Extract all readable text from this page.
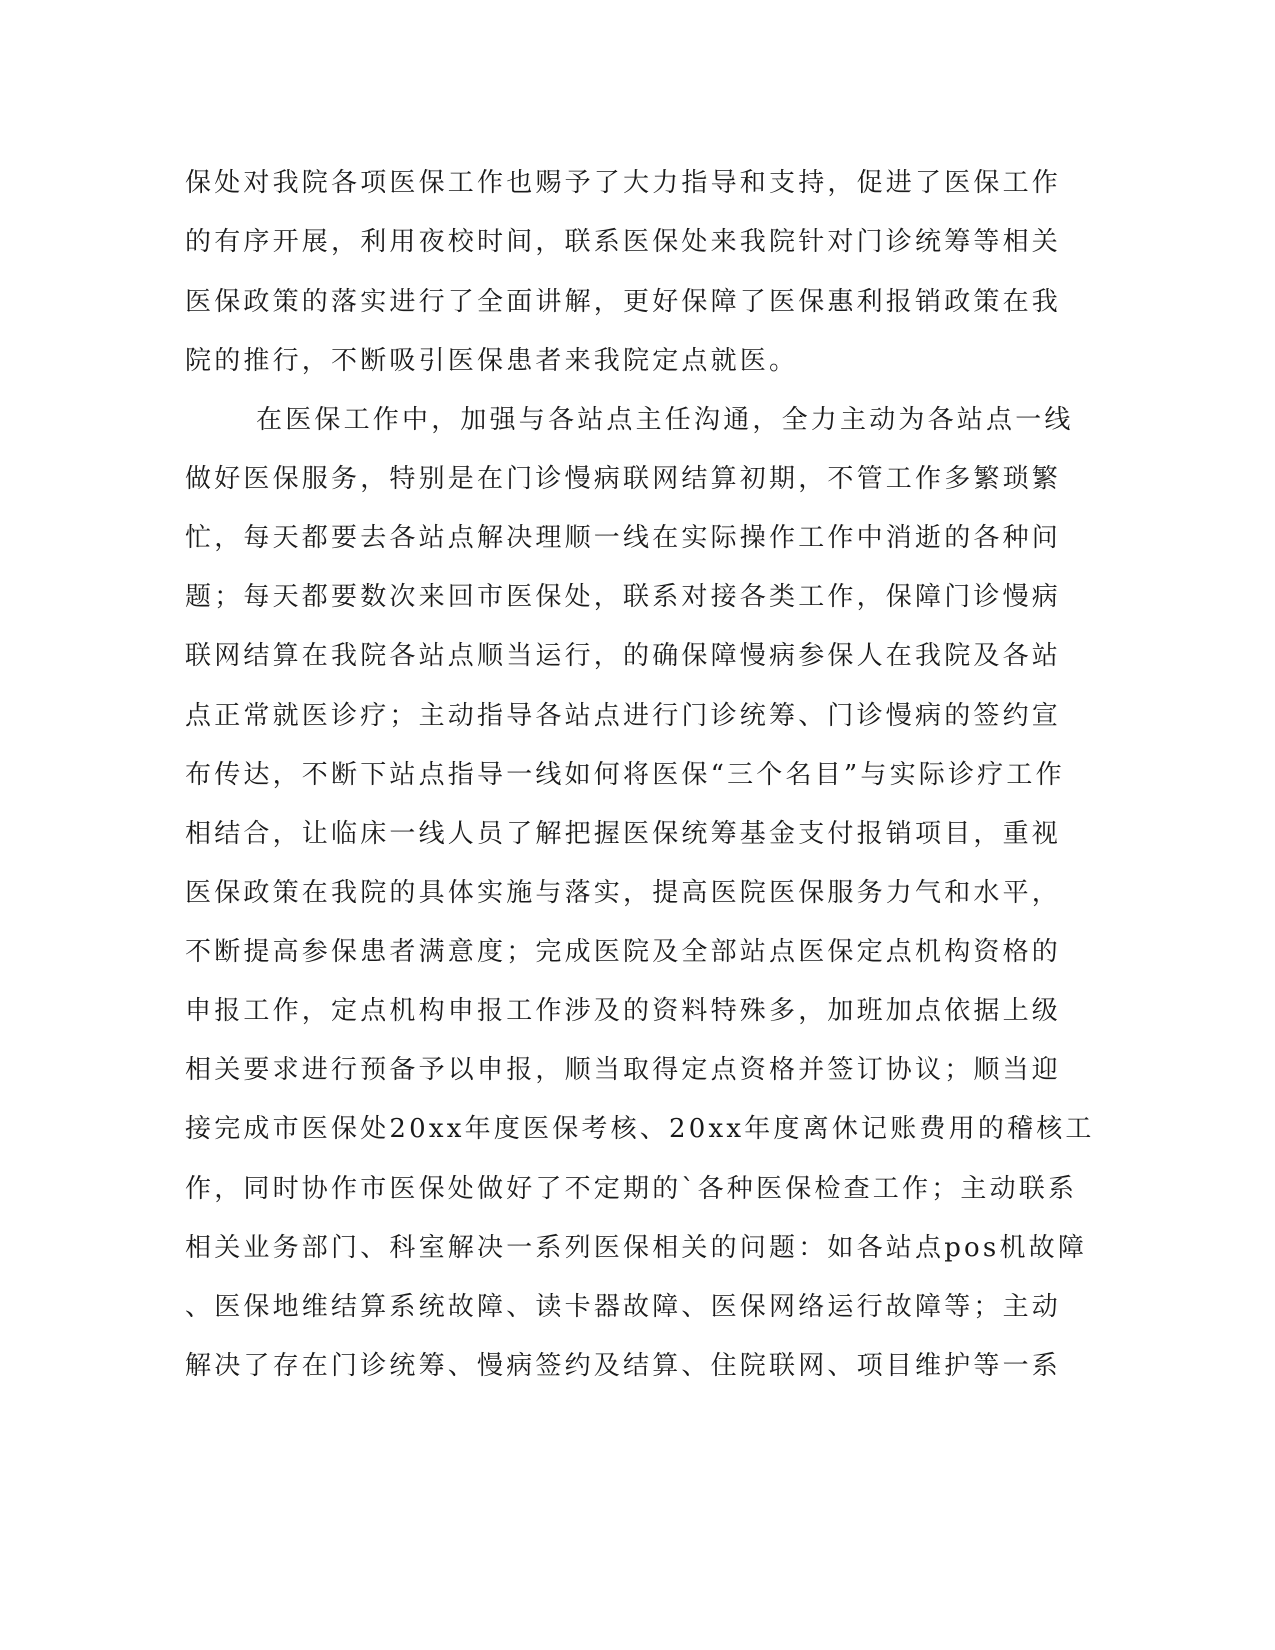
保处对我院各项医保工作也赐予了大力指导和支持，促进了医保工作

的有序开展，利用夜校时间，联系医保处来我院针对门诊统筹等相关

医保政策的落实进行了全面讲解，更好保障了医保惠利报销政策在我

院的推行，不断吸引医保患者来我院定点就医。

在医保工作中，加强与各站点主任沟通，全力主动为各站点一线

做好医保服务，特别是在门诊慢病联网结算初期，不管工作多繁琐繁

忙，每天都要去各站点解决理顺一线在实际操作工作中消逝的各种问

题；每天都要数次来回市医保处，联系对接各类工作，保障门诊慢病

联网结算在我院各站点顺当运行，的确保障慢病参保人在我院及各站

点正常就医诊疗；主动指导各站点进行门诊统筹、门诊慢病的签约宣

布传达，不断下站点指导一线如何将医保“三个名目”与实际诊疗工作

相结合，让临床一线人员了解把握医保统筹基金支付报销项目，重视

医保政策在我院的具体实施与落实，提高医院医保服务力气和水平，

不断提高参保患者满意度；完成医院及全部站点医保定点机构资格的

申报工作，定点机构申报工作涉及的资料特殊多，加班加点依据上级

相关要求进行预备予以申报，顺当取得定点资格并签订协议；顺当迎

接完成市医保处20xx年度医保考核、20xx年度离休记账费用的稽核工

作，同时协作市医保处做好了不定期的`各种医保检查工作；主动联系

相关业务部门、科室解决一系列医保相关的问题：如各站点pos机故障

、医保地维结算系统故障、读卡器故障、医保网络运行故障等；主动

解决了存在门诊统筹、慢病签约及结算、住院联网、项目维护等一系
